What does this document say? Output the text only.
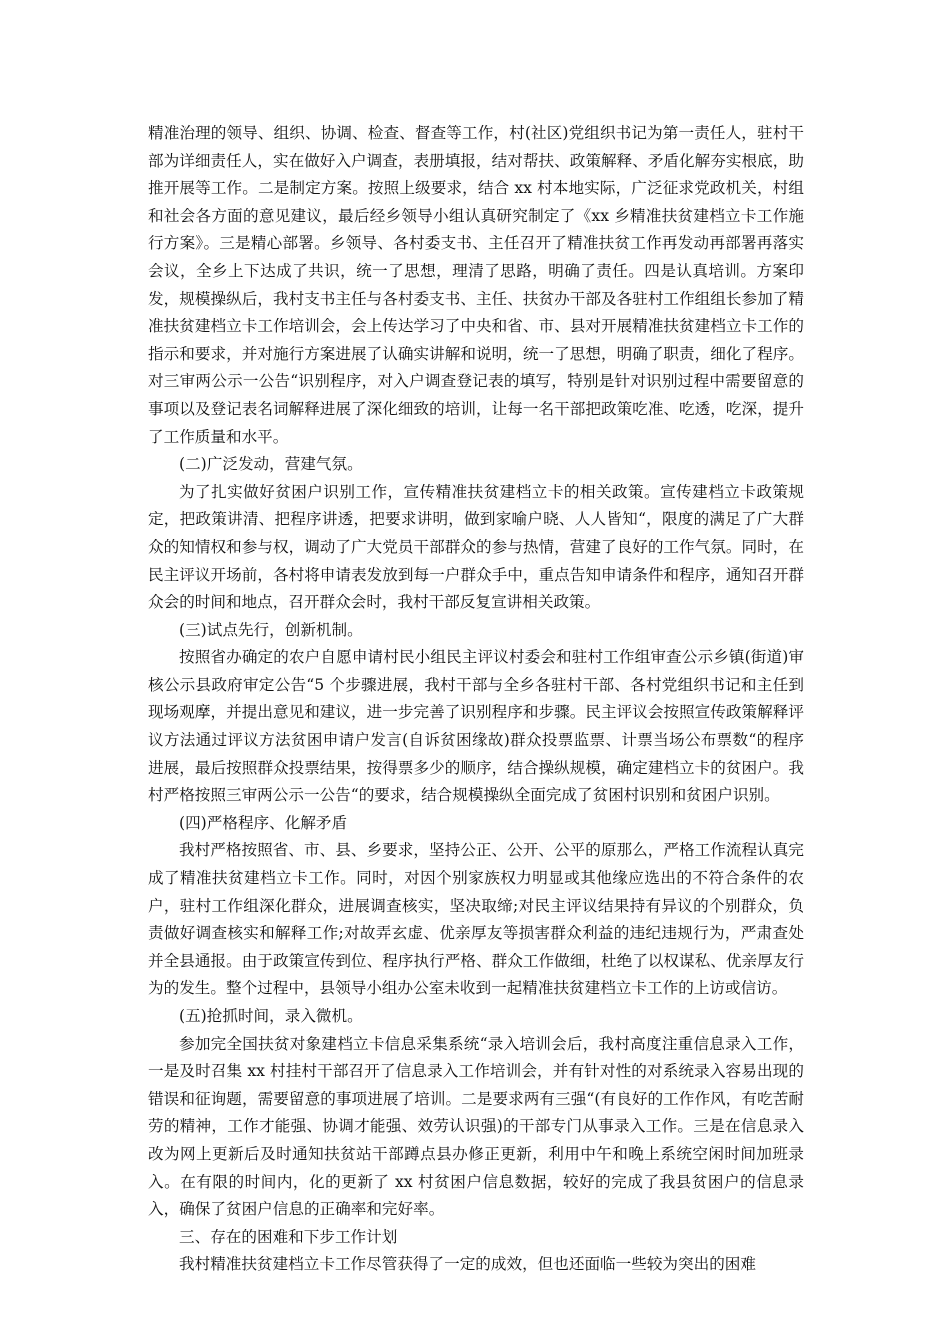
精准治理的领导、组织、协调、检查、督查等工作，村(社区)党组织书记为第一责任人，驻村干部为详细责任人，实在做好入户调查，表册填报，结对帮扶、政策解释、矛盾化解夯实根底，助推开展等工作。二是制定方案。按照上级要求，结合 xx 村本地实际，广泛征求党政机关，村组和社会各方面的意见建议，最后经乡领导小组认真研究制定了《xx 乡精准扶贫建档立卡工作施行方案》。三是精心部署。乡领导、各村委支书、主任召开了精准扶贫工作再发动再部署再落实会议，全乡上下达成了共识，统一了思想，理清了思路，明确了责任。四是认真培训。方案印发，规模操纵后，我村支书主任与各村委支书、主任、扶贫办干部及各驻村工作组组长参加了精准扶贫建档立卡工作培训会，会上传达学习了中央和省、市、县对开展精准扶贫建档立卡工作的指示和要求，并对施行方案进展了认确实讲解和说明，统一了思想，明确了职责，细化了程序。对三审两公示一公告“识别程序，对入户调查登记表的填写，特别是针对识别过程中需要留意的事项以及登记表名词解释进展了深化细致的培训，让每一名干部把政策吃准、吃透，吃深，提升了工作质量和水平。

(二)广泛发动，营建气氛。

为了扎实做好贫困户识别工作，宣传精准扶贫建档立卡的相关政策。宣传建档立卡政策规定，把政策讲清、把程序讲透，把要求讲明，做到家喻户晓、人人皆知“，限度的满足了广大群众的知情权和参与权，调动了广大党员干部群众的参与热情，营建了良好的工作气氛。同时，在民主评议开场前，各村将申请表发放到每一户群众手中，重点告知申请条件和程序，通知召开群众会的时间和地点，召开群众会时，我村干部反复宣讲相关政策。

(三)试点先行，创新机制。

按照省办确定的农户自愿申请村民小组民主评议村委会和驻村工作组审查公示乡镇(街道)审核公示县政府审定公告“5 个步骤进展，我村干部与全乡各驻村干部、各村党组织书记和主任到现场观摩，并提出意见和建议，进一步完善了识别程序和步骤。民主评议会按照宣传政策解释评议方法通过评议方法贫困申请户发言(自诉贫困缘故)群众投票监票、计票当场公布票数“的程序进展，最后按照群众投票结果，按得票多少的顺序，结合操纵规模，确定建档立卡的贫困户。我村严格按照三审两公示一公告“的要求，结合规模操纵全面完成了贫困村识别和贫困户识别。

(四)严格程序、化解矛盾

我村严格按照省、市、县、乡要求，坚持公正、公开、公平的原那么，严格工作流程认真完成了精准扶贫建档立卡工作。同时，对因个别家族权力明显或其他缘应选出的不符合条件的农户，驻村工作组深化群众，进展调查核实，坚决取缔;对民主评议结果持有异议的个别群众，负责做好调查核实和解释工作;对故弄玄虚、优亲厚友等损害群众利益的违纪违规行为，严肃查处并全县通报。由于政策宣传到位、程序执行严格、群众工作做细，杜绝了以权谋私、优亲厚友行为的发生。整个过程中，县领导小组办公室未收到一起精准扶贫建档立卡工作的上访或信访。

(五)抢抓时间，录入微机。

参加完全国扶贫对象建档立卡信息采集系统“录入培训会后，我村高度注重信息录入工作，一是及时召集 xx 村挂村干部召开了信息录入工作培训会，并有针对性的对系统录入容易出现的错误和征询题，需要留意的事项进展了培训。二是要求两有三强“(有良好的工作作风，有吃苦耐劳的精神，工作才能强、协调才能强、效劳认识强)的干部专门从事录入工作。三是在信息录入改为网上更新后及时通知扶贫站干部蹲点县办修正更新，利用中午和晚上系统空闲时间加班录入。在有限的时间内，化的更新了 xx 村贫困户信息数据，较好的完成了我县贫困户的信息录入，确保了贫困户信息的正确率和完好率。

三、存在的困难和下步工作计划

我村精准扶贫建档立卡工作尽管获得了一定的成效，但也还面临一些较为突出的困难
